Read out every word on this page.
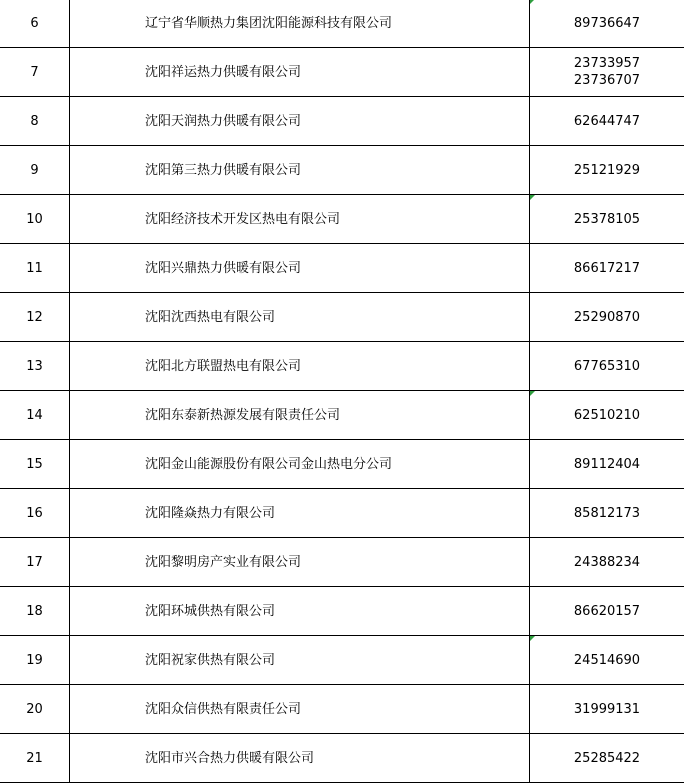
6	辽宁省华顺热力集团沈阳能源科技有限公司	89736647

7	沈阳祥运热力供暖有限公司	23733957
23736707

8	沈阳天润热力供暖有限公司	62644747

9	沈阳第三热力供暖有限公司	25121929

10	沈阳经济技术开发区热电有限公司	25378105

11	沈阳兴鼎热力供暖有限公司	86617217

12	沈阳沈西热电有限公司	25290870

13	沈阳北方联盟热电有限公司	67765310

14	沈阳东泰新热源发展有限责任公司	62510210

15	沈阳金山能源股份有限公司金山热电分公司	89112404

16	沈阳隆焱热力有限公司	85812173

17	沈阳黎明房产实业有限公司	24388234

18	沈阳环城供热有限公司	86620157

19	沈阳祝家供热有限公司	24514690

20	沈阳众信供热有限责任公司	31999131

21	沈阳市兴合热力供暖有限公司	25285422
